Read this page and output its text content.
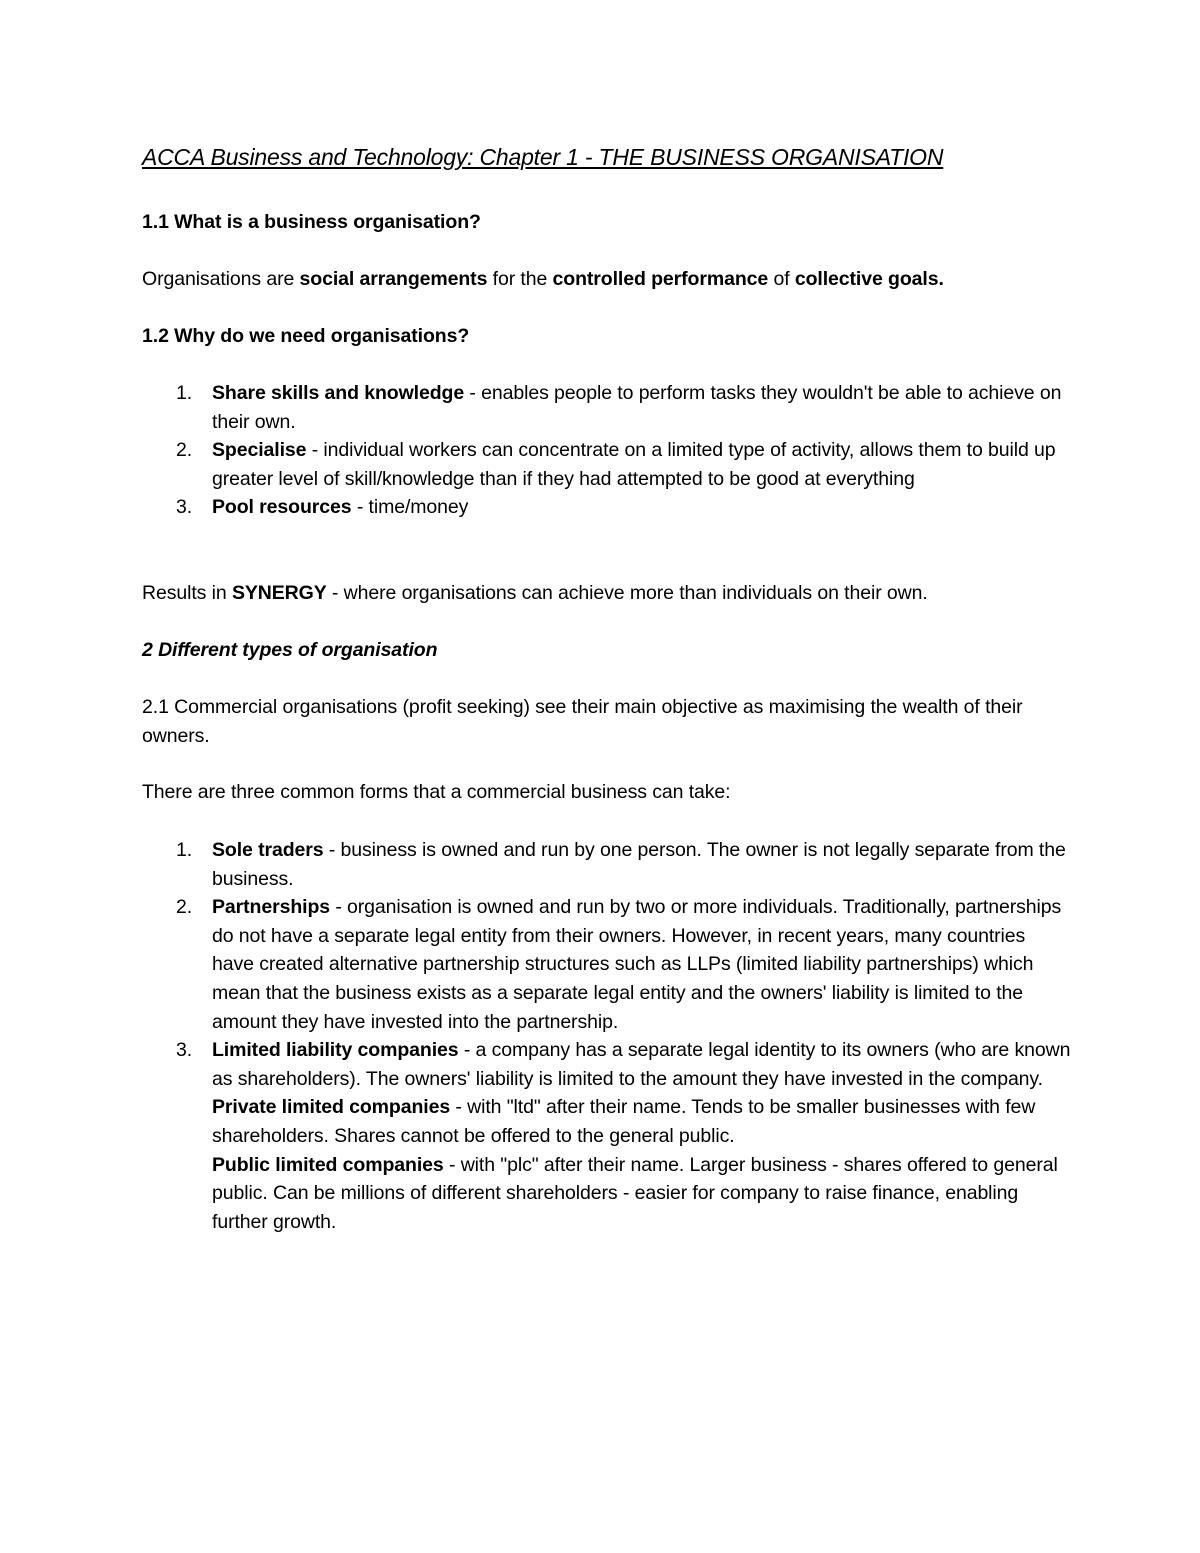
ACCA Business and Technology: Chapter 1 - THE BUSINESS ORGANISATION
1.1 What is a business organisation?
Organisations are social arrangements for the controlled performance of collective goals.
1.2 Why do we need organisations?
1. Share skills and knowledge - enables people to perform tasks they wouldn't be able to achieve on their own.
2. Specialise - individual workers can concentrate on a limited type of activity, allows them to build up greater level of skill/knowledge than if they had attempted to be good at everything
3. Pool resources - time/money
Results in SYNERGY - where organisations can achieve more than individuals on their own.
2 Different types of organisation
2.1 Commercial organisations (profit seeking) see their main objective as maximising the wealth of their owners.
There are three common forms that a commercial business can take:
1. Sole traders - business is owned and run by one person. The owner is not legally separate from the business.
2. Partnerships - organisation is owned and run by two or more individuals. Traditionally, partnerships do not have a separate legal entity from their owners. However, in recent years, many countries have created alternative partnership structures such as LLPs (limited liability partnerships) which mean that the business exists as a separate legal entity and the owners' liability is limited to the amount they have invested into the partnership.
3. Limited liability companies - a company has a separate legal identity to its owners (who are known as shareholders). The owners' liability is limited to the amount they have invested in the company.
Private limited companies - with "ltd" after their name. Tends to be smaller businesses with few shareholders. Shares cannot be offered to the general public.
Public limited companies - with "plc" after their name. Larger business - shares offered to general public. Can be millions of different shareholders - easier for company to raise finance, enabling further growth.
